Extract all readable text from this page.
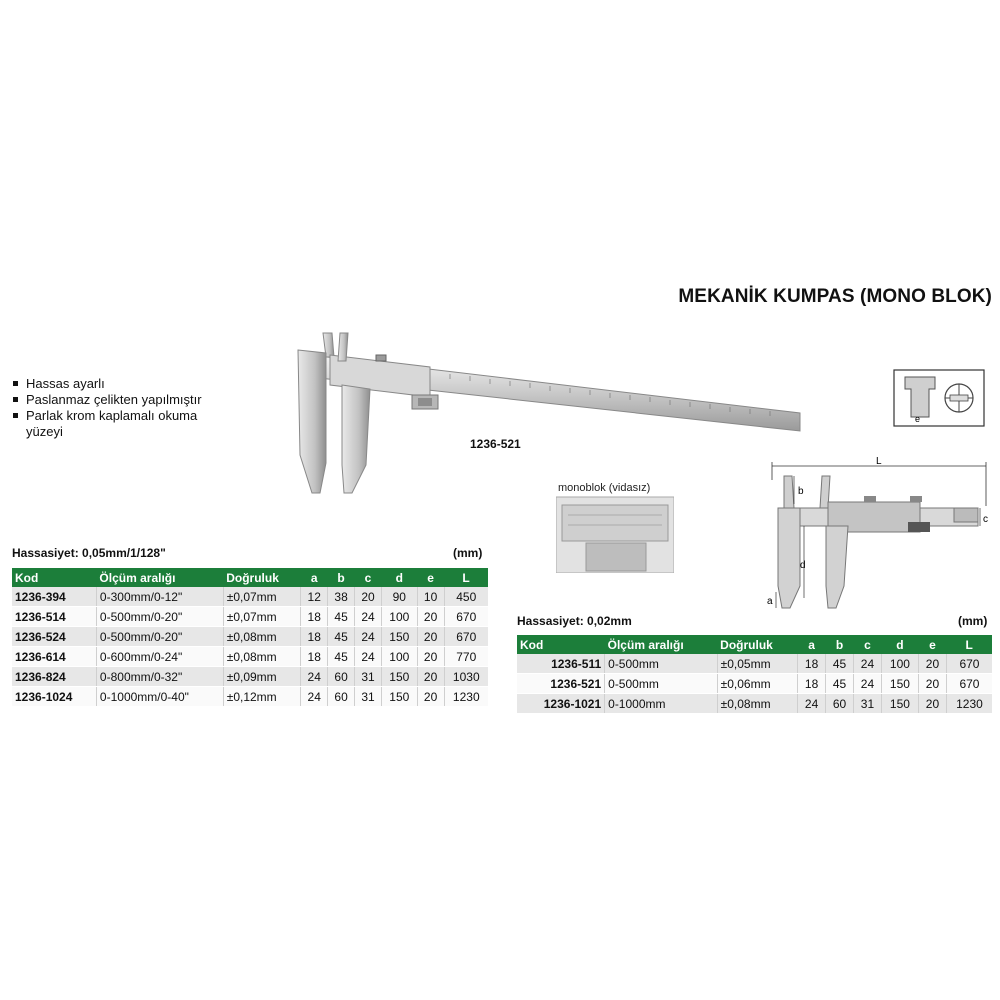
MEKANİK KUMPAS (MONO BLOK)
Hassas ayarlı
Paslanmaz çelikten yapılmıştır
Parlak krom kaplamalı okuma yüzeyi
1236-521
monoblok (vidasız)
e
L
b
c
d
a
Hassasiyet: 0,05mm/1/128"	(mm)
Kod	Ölçüm aralığı	Doğruluk	a	b	c	d	e	L
1236-394	0-300mm/0-12"	±0,07mm	12	38	20	90	10	450
1236-514	0-500mm/0-20"	±0,07mm	18	45	24	100	20	670
1236-524	0-500mm/0-20"	±0,08mm	18	45	24	150	20	670
1236-614	0-600mm/0-24"	±0,08mm	18	45	24	100	20	770
1236-824	0-800mm/0-32"	±0,09mm	24	60	31	150	20	1030
1236-1024	0-1000mm/0-40"	±0,12mm	24	60	31	150	20	1230
Hassasiyet: 0,02mm	(mm)
Kod	Ölçüm aralığı	Doğruluk	a	b	c	d	e	L
1236-511	0-500mm	±0,05mm	18	45	24	100	20	670
1236-521	0-500mm	±0,06mm	18	45	24	150	20	670
1236-1021	0-1000mm	±0,08mm	24	60	31	150	20	1230
